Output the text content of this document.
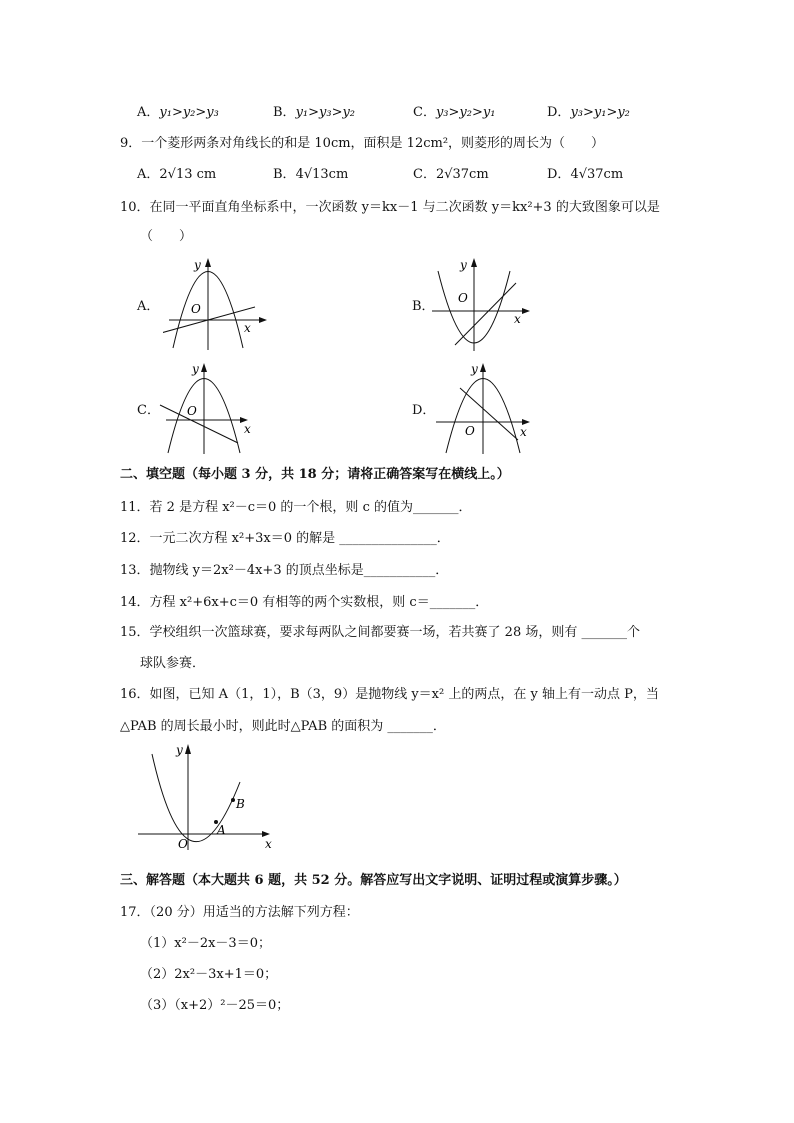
A．y₁>y₂>y₃	B．y₁>y₃>y₂	C．y₃>y₂>y₁	D．y₃>y₁>y₂
9．一个菱形两条对角线长的和是 10cm，面积是 12cm²，则菱形的周长为（　　）
A．2√13 cm	B．4√13cm	C．2√37cm	D．4√37cm
10．在同一平面直角坐标系中，一次函数 y＝kx－1 与二次函数 y＝kx²+3 的大致图象可以是
（　　）
A．
y
x
O	B．
y
x
O
C．
y
x
O	D．
y
x
O
二、填空题（每小题 3 分，共 18 分；请将正确答案写在横线上。）
11．若 2 是方程 x²－c＝0 的一个根，则 c 的值为_______．
12．一元二次方程 x²+3x＝0 的解是 _______________．
13．抛物线 y＝2x²－4x+3 的顶点坐标是___________．
14．方程 x²+6x+c＝0 有相等的两个实数根，则 c＝_______．
15．学校组织一次篮球赛，要求每两队之间都要赛一场，若共赛了 28 场，则有 _______个
球队参赛．
16．如图，已知 A（1，1），B（3，9）是抛物线 y＝x² 上的两点，在 y 轴上有一动点 P，当
△PAB 的周长最小时，则此时△PAB 的面积为 _______．
y
x
O
A
B
三、解答题（本大题共 6 题，共 52 分。解答应写出文字说明、证明过程或演算步骤。）
17．（20 分）用适当的方法解下列方程：
（1）x²－2x－3＝0；
（2）2x²－3x+1＝0；
（3）（x+2）²－25＝0；
